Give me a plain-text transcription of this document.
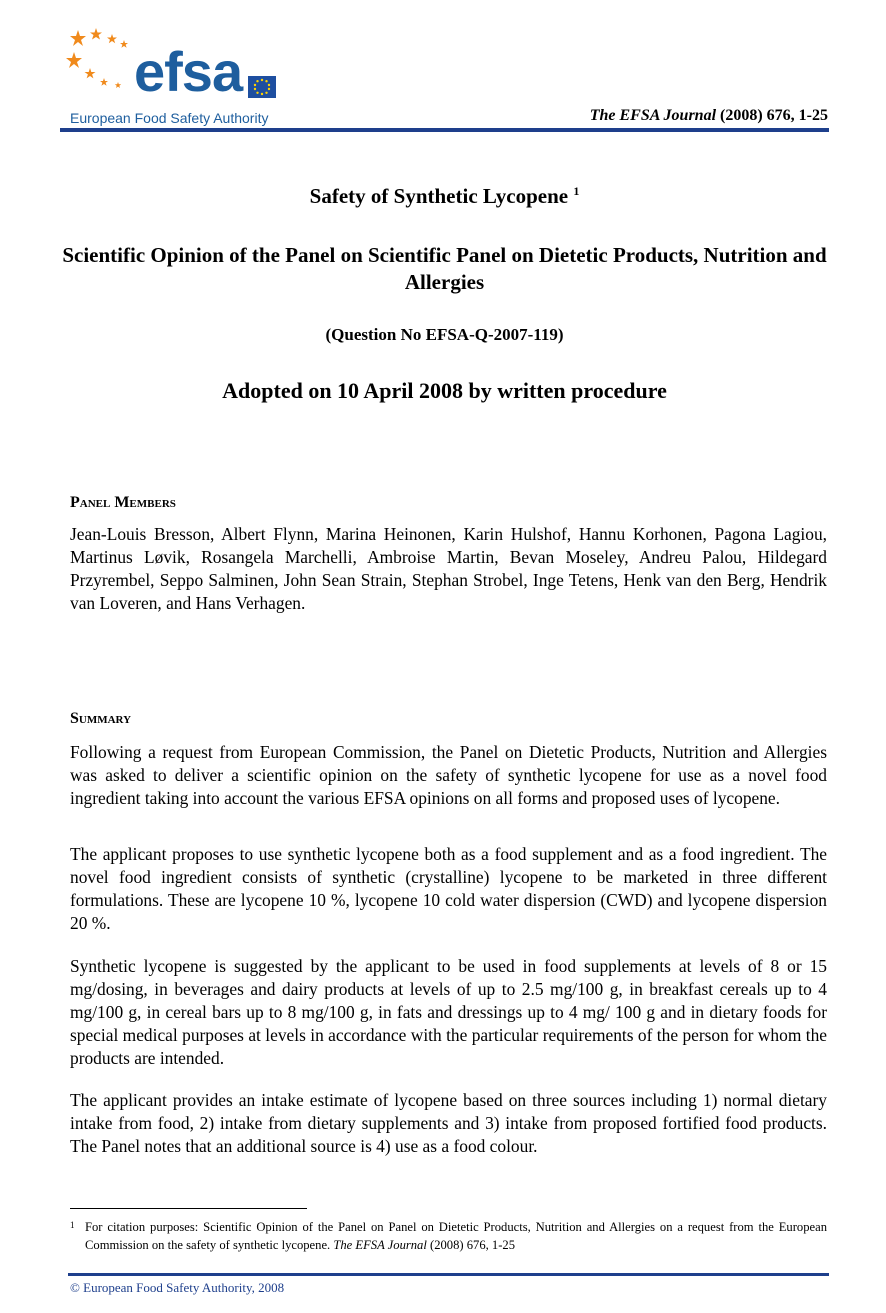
efsa
European Food Safety Authority	The EFSA Journal (2008) 676, 1-25
Safety of Synthetic Lycopene $^1$
Scientific Opinion of the Panel on Scientific Panel on Dietetic Products, Nutrition and Allergies
(Question No EFSA-Q-2007-119)
Adopted on 10 April 2008 by written procedure
Panel Members

Jean-Louis Bresson, Albert Flynn, Marina Heinonen, Karin Hulshof, Hannu Korhonen, Pagona Lagiou, Martinus Løvik, Rosangela Marchelli, Ambroise Martin, Bevan Moseley, Andreu Palou, Hildegard Przyrembel, Seppo Salminen, John Sean Strain, Stephan Strobel, Inge Tetens, Henk van den Berg, Hendrik van Loveren, and Hans Verhagen.

Summary

Following a request from European Commission, the Panel on Dietetic Products, Nutrition and Allergies was asked to deliver a scientific opinion on the safety of synthetic lycopene for use as a novel food ingredient taking into account the various EFSA opinions on all forms and proposed uses of lycopene.

The applicant proposes to use synthetic lycopene both as a food supplement and as a food ingredient. The novel food ingredient consists of synthetic (crystalline) lycopene to be marketed in three different formulations. These are lycopene 10 %, lycopene 10 cold water dispersion (CWD) and lycopene dispersion 20 %.

Synthetic lycopene is suggested by the applicant to be used in food supplements at levels of 8 or 15 mg/dosing, in beverages and dairy products at levels of up to 2.5 mg/100 g, in breakfast cereals up to 4 mg/100 g, in cereal bars up to 8 mg/100 g, in fats and dressings up to 4 mg/ 100 g and in dietary foods for special medical purposes at levels in accordance with the particular requirements of the person for whom the products are intended.

The applicant provides an intake estimate of lycopene based on three sources including 1) normal dietary intake from food, 2) intake from dietary supplements and 3) intake from proposed fortified food products. The Panel notes that an additional source is 4) use as a food colour.

1 For citation purposes: Scientific Opinion of the Panel on Panel on Dietetic Products, Nutrition and Allergies on a request from the European Commission on the safety of synthetic lycopene. The EFSA Journal (2008) 676, 1-25
© European Food Safety Authority, 2008
